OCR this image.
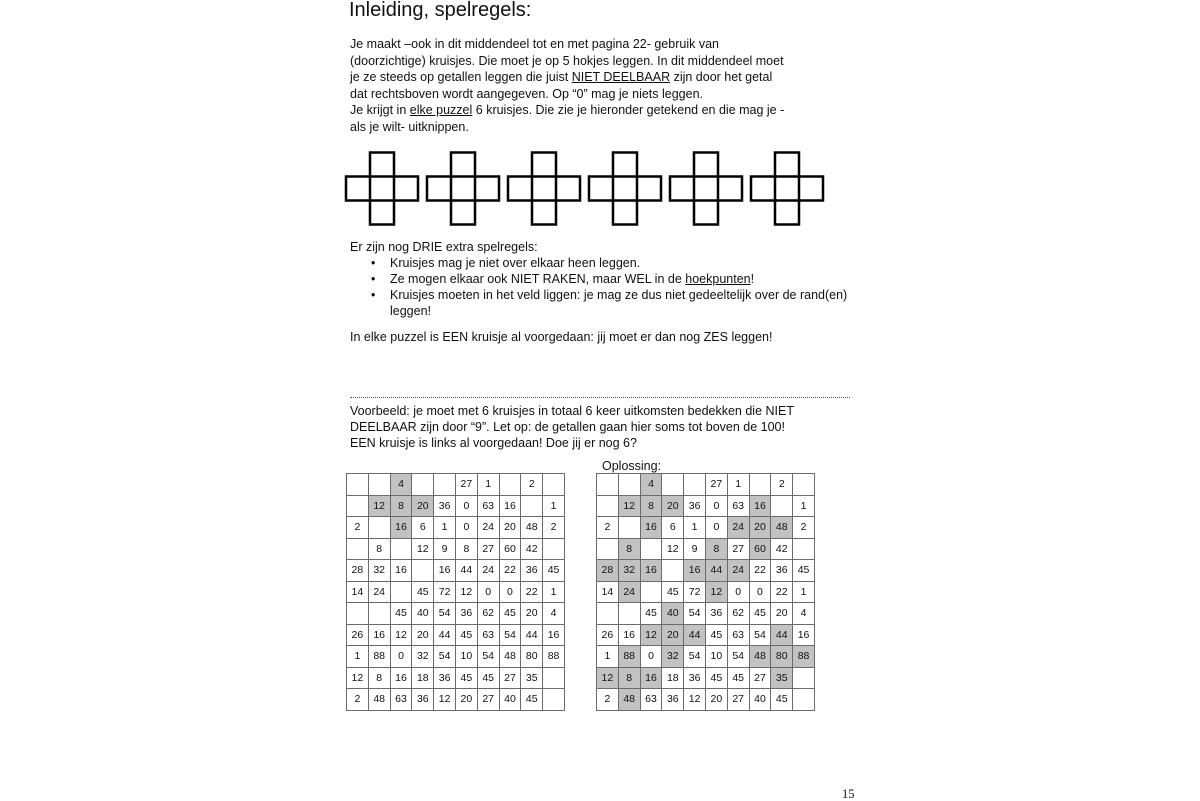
Inleiding, spelregels:

Je maakt –ook in dit middendeel tot en met pagina 22- gebruik van

(doorzichtige) kruisjes. Die moet je op 5 hokjes leggen. In dit middendeel moet

je ze steeds op getallen leggen die juist NIET DEELBAAR zijn door het getal

dat rechtsboven wordt aangegeven. Op “0” mag je niets leggen.

Je krijgt in elke puzzel 6 kruisjes. Die zie je hieronder getekend en die mag je -

als je wilt- uitknippen.

Er zijn nog DRIE extra spelregels:
• Kruisjes mag je niet over elkaar heen leggen.
• Ze mogen elkaar ook NIET RAKEN, maar WEL in de hoekpunten!
• Kruisjes moeten in het veld liggen: je mag ze dus niet gedeeltelijk over de rand(en) leggen!
In elke puzzel is EEN kruisje al voorgedaan: jij moet er dan nog ZES leggen!

Voorbeeld: je moet met 6 kruisjes in totaal 6 keer uitkomsten bedekken die NIET

DEELBAAR zijn door “9”. Let op: de getallen gaan hier soms tot boven de 100!

EEN kruisje is links al voorgedaan! Doe jij er nog 6?

Oplossing:
		4			27	1		2	
	12	8	20	36	0	63	16		1
2		16	6	1	0	24	20	48	2
	8		12	9	8	27	60	42	
28	32	16		16	44	24	22	36	45
14	24		45	72	12	0	0	22	1
		45	40	54	36	62	45	20	4
26	16	12	20	44	45	63	54	44	16
1	88	0	32	54	10	54	48	80	88
12	8	16	18	36	45	45	27	35	
2	48	63	36	12	20	27	40	45	
		4			27	1		2	
	12	8	20	36	0	63	16		1
2		16	6	1	0	24	20	48	2
	8		12	9	8	27	60	42	
28	32	16		16	44	24	22	36	45
14	24		45	72	12	0	0	22	1
		45	40	54	36	62	45	20	4
26	16	12	20	44	45	63	54	44	16
1	88	0	32	54	10	54	48	80	88
12	8	16	18	36	45	45	27	35	
2	48	63	36	12	20	27	40	45	
15
